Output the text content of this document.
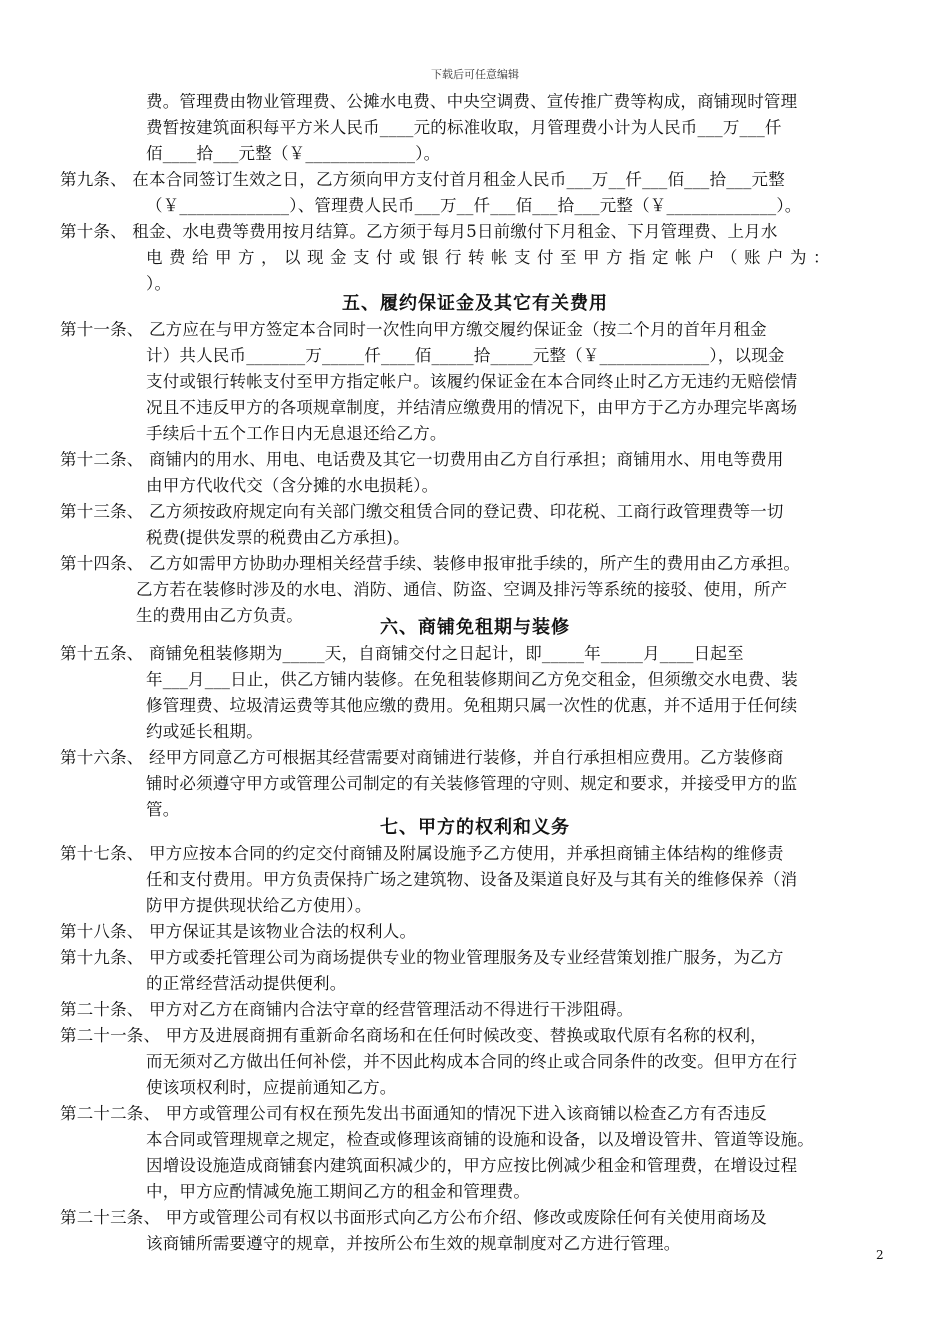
下载后可任意编辑
费。管理费由物业管理费、公摊水电费、中央空调费、宣传推广费等构成，商铺现时管理
费暂按建筑面积每平方米人民币____元的标准收取，月管理费小计为人民币___万___仟
佰____拾___元整（￥_____________）。
第九条、 在本合同签订生效之日，乙方须向甲方支付首月租金人民币___万__仟___佰___拾___元整
（￥_____________）、管理费人民币___万__仟___佰___拾___元整（￥_____________）。
第十条、 租金、水电费等费用按月结算。乙方须于每月5日前缴付下月租金、下月管理费、上月水
电费给甲方，以现金支付或银行转帐支付至甲方指定帐户（账户为：
）。
五、履约保证金及其它有关费用
第十一条、 乙方应在与甲方签定本合同时一次性向甲方缴交履约保证金（按二个月的首年月租金
计）共人民币_______万_____仟____佰_____拾_____元整（￥_____________），以现金
支付或银行转帐支付至甲方指定帐户。该履约保证金在本合同终止时乙方无违约无赔偿情
况且不违反甲方的各项规章制度，并结清应缴费用的情况下，由甲方于乙方办理完毕离场
手续后十五个工作日内无息退还给乙方。
第十二条、 商铺内的用水、用电、电话费及其它一切费用由乙方自行承担；商铺用水、用电等费用
由甲方代收代交（含分摊的水电损耗）。
第十三条、 乙方须按政府规定向有关部门缴交租赁合同的登记费、印花税、工商行政管理费等一切
税费(提供发票的税费由乙方承担)。
第十四条、 乙方如需甲方协助办理相关经营手续、装修申报审批手续的，所产生的费用由乙方承担。
乙方若在装修时涉及的水电、消防、通信、防盗、空调及排污等系统的接驳、使用，所产
生的费用由乙方负责。
六、商铺免租期与装修
第十五条、 商铺免租装修期为_____天，自商铺交付之日起计，即_____年_____月____日起至
年___月___日止，供乙方铺内装修。在免租装修期间乙方免交租金，但须缴交水电费、装
修管理费、垃圾清运费等其他应缴的费用。免租期只属一次性的优惠，并不适用于任何续
约或延长租期。
第十六条、 经甲方同意乙方可根据其经营需要对商铺进行装修，并自行承担相应费用。乙方装修商
铺时必须遵守甲方或管理公司制定的有关装修管理的守则、规定和要求，并接受甲方的监
管。
七、甲方的权利和义务
第十七条、 甲方应按本合同的约定交付商铺及附属设施予乙方使用，并承担商铺主体结构的维修责
任和支付费用。甲方负责保持广场之建筑物、设备及渠道良好及与其有关的维修保养（消
防甲方提供现状给乙方使用）。
第十八条、 甲方保证其是该物业合法的权利人。
第十九条、 甲方或委托管理公司为商场提供专业的物业管理服务及专业经营策划推广服务，为乙方
的正常经营活动提供便利。
第二十条、 甲方对乙方在商铺内合法守章的经营管理活动不得进行干涉阻碍。
第二十一条、 甲方及进展商拥有重新命名商场和在任何时候改变、替换或取代原有名称的权利，
而无须对乙方做出任何补偿，并不因此构成本合同的终止或合同条件的改变。但甲方在行
使该项权利时，应提前通知乙方。
第二十二条、 甲方或管理公司有权在预先发出书面通知的情况下进入该商铺以检查乙方有否违反
本合同或管理规章之规定，检查或修理该商铺的设施和设备，以及增设管井、管道等设施。
因增设设施造成商铺套内建筑面积减少的，甲方应按比例减少租金和管理费，在增设过程
中，甲方应酌情减免施工期间乙方的租金和管理费。
第二十三条、 甲方或管理公司有权以书面形式向乙方公布介绍、修改或废除任何有关使用商场及
该商铺所需要遵守的规章，并按所公布生效的规章制度对乙方进行管理。
2
